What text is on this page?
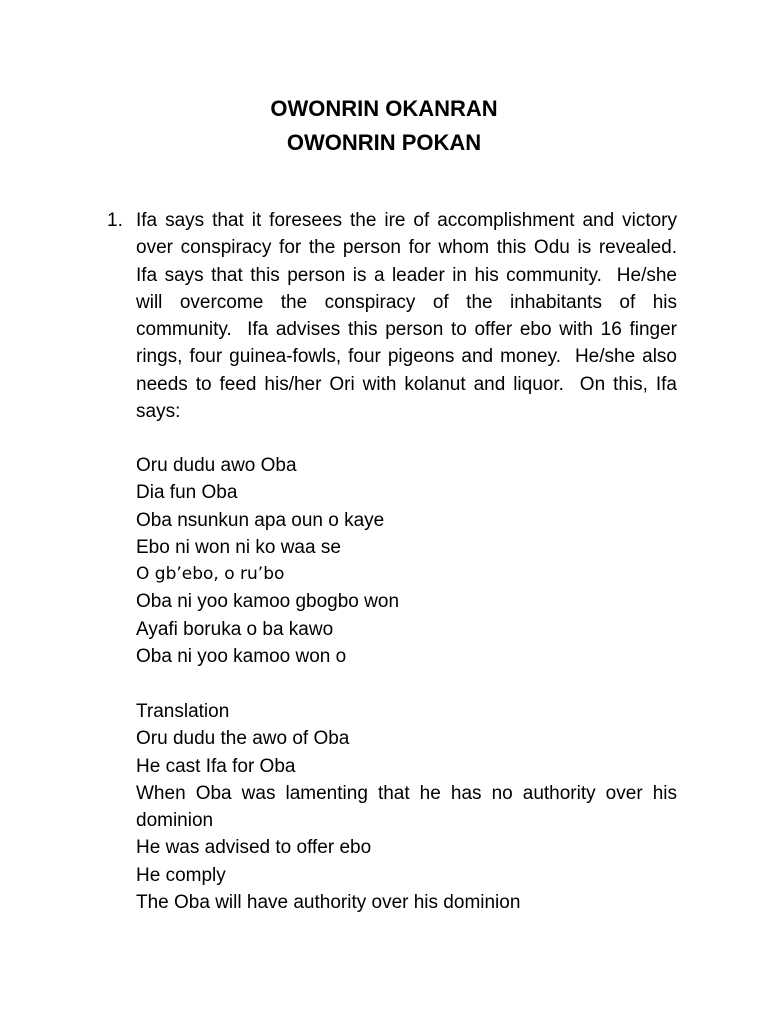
OWONRIN OKANRAN
OWONRIN POKAN
1. Ifa says that it foresees the ire of accomplishment and victory over conspiracy for the person for whom this Odu is revealed.  Ifa says that this person is a leader in his community.  He/she will overcome the conspiracy of the inhabitants of his community.  Ifa advises this person to offer ebo with 16 finger rings, four guinea-fowls, four pigeons and money.  He/she also needs to feed his/her Ori with kolanut and liquor.  On this, Ifa says:

Oru dudu awo Oba
Dia fun Oba
Oba nsunkun apa oun o kaye
Ebo ni won ni ko waa se
O gb’ebo, o ru’bo
Oba ni yoo kamoo gbogbo won
Ayafi boruka o ba kawo
Oba ni yoo kamoo won o

Translation

Oru dudu the awo of Oba
He cast Ifa for Oba
When Oba was lamenting that he has no authority over his dominion
He was advised to offer ebo
He comply
The Oba will have authority over his dominion
